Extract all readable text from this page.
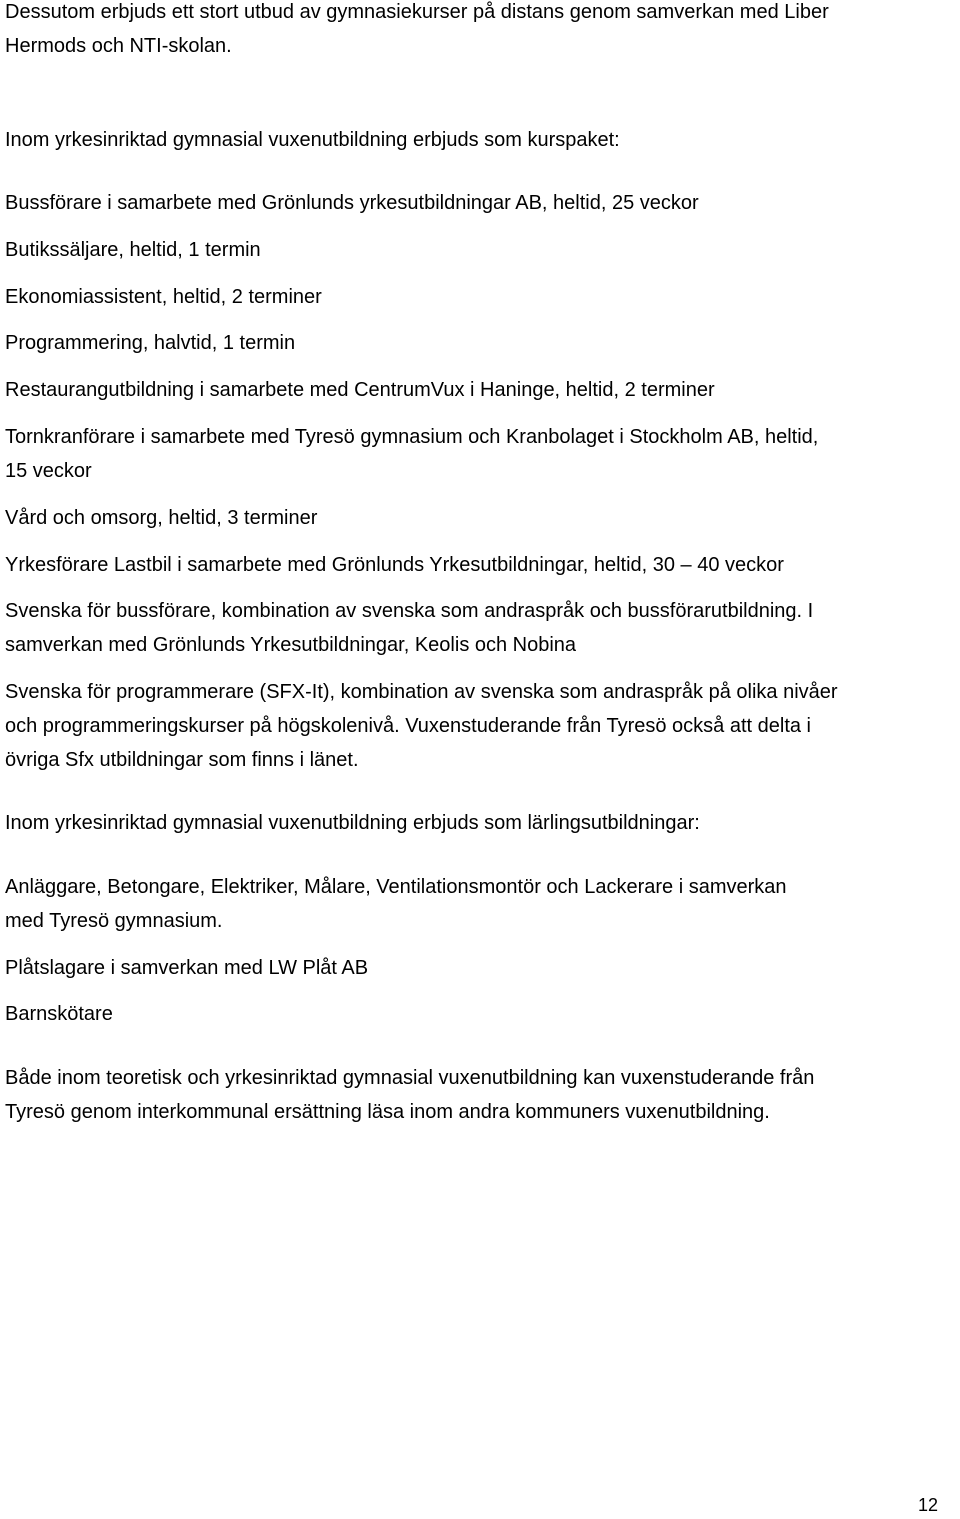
Dessutom erbjuds ett stort utbud av gymnasiekurser på distans genom samverkan med Liber

Hermods och NTI-skolan.

Inom yrkesinriktad gymnasial vuxenutbildning erbjuds som kurspaket:

Bussförare i samarbete med Grönlunds yrkesutbildningar AB, heltid, 25 veckor

Butikssäljare, heltid, 1 termin

Ekonomiassistent, heltid, 2 terminer

Programmering, halvtid, 1 termin

Restaurangutbildning i samarbete med CentrumVux i Haninge, heltid, 2 terminer

Tornkranförare i samarbete med Tyresö gymnasium och Kranbolaget i Stockholm AB, heltid,

15 veckor

Vård och omsorg, heltid, 3 terminer

Yrkesförare Lastbil i samarbete med Grönlunds Yrkesutbildningar, heltid, 30 – 40 veckor

Svenska för bussförare, kombination av svenska som andraspråk och bussförarutbildning. I

samverkan med Grönlunds Yrkesutbildningar, Keolis och Nobina

Svenska för programmerare (SFX-It), kombination av svenska som andraspråk på olika nivåer

och programmeringskurser på högskolenivå. Vuxenstuderande från Tyresö också att delta i

övriga Sfx utbildningar som finns i länet.

Inom yrkesinriktad gymnasial vuxenutbildning erbjuds som lärlingsutbildningar:

Anläggare, Betongare, Elektriker, Målare, Ventilationsmontör och Lackerare i samverkan

med Tyresö gymnasium.

Plåtslagare i samverkan med LW Plåt AB

Barnskötare

Både inom teoretisk och yrkesinriktad gymnasial vuxenutbildning kan vuxenstuderande från

Tyresö genom interkommunal ersättning läsa inom andra kommuners vuxenutbildning.

12
